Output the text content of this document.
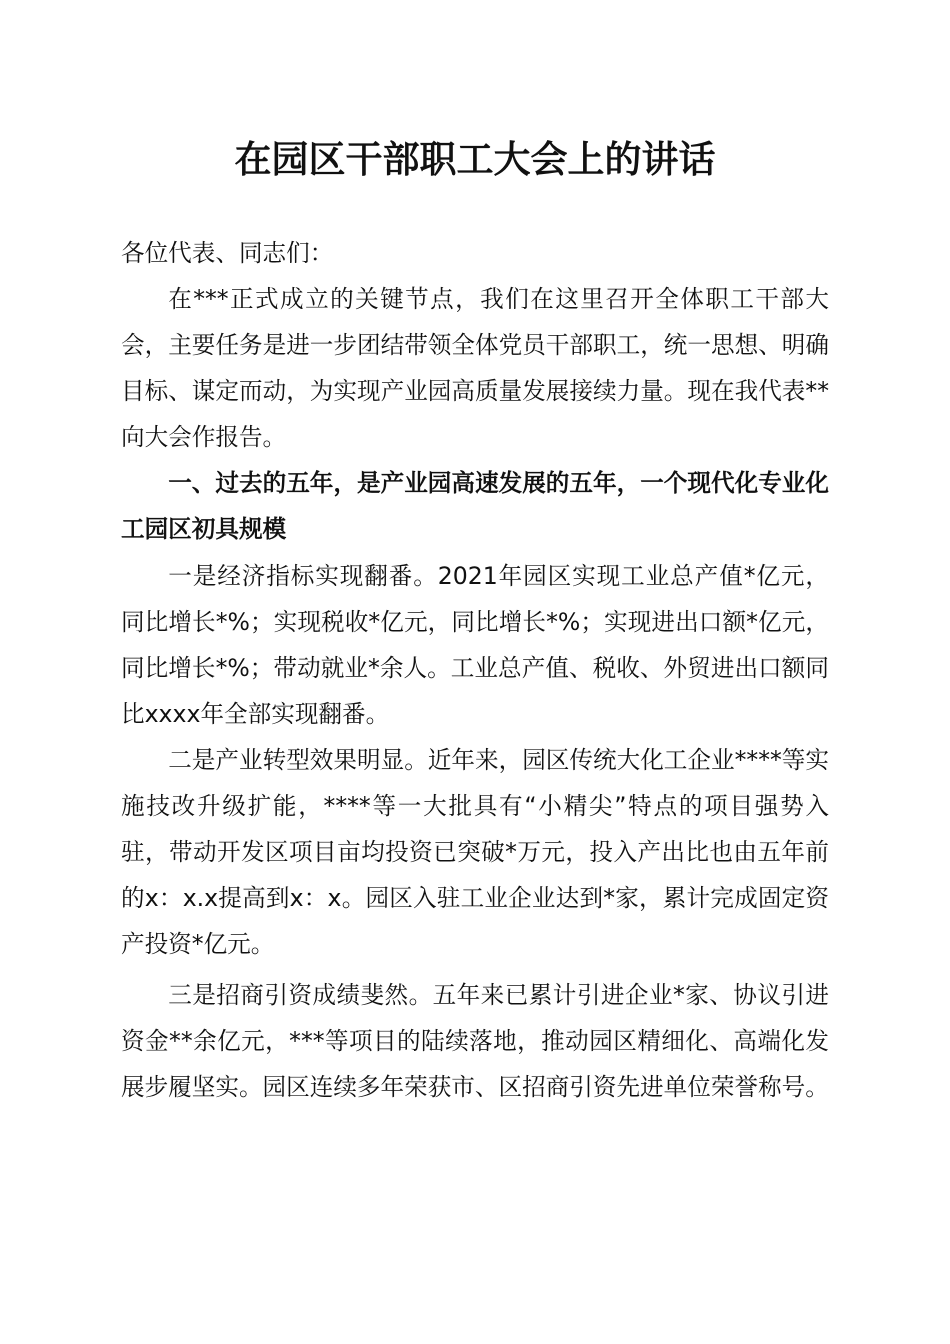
在园区干部职工大会上的讲话

各位代表、同志们：

在***正式成立的关键节点，我们在这里召开全体职工干部大会，主要任务是进一步团结带领全体党员干部职工，统一思想、明确目标、谋定而动，为实现产业园高质量发展接续力量。现在我代表**向大会作报告。

一、过去的五年，是产业园高速发展的五年，一个现代化专业化工园区初具规模

一是经济指标实现翻番。2021年园区实现工业总产值*亿元，同比增长*%；实现税收*亿元，同比增长*%；实现进出口额*亿元，同比增长*%；带动就业*余人。工业总产值、税收、外贸进出口额同比xxxx年全部实现翻番。

二是产业转型效果明显。近年来，园区传统大化工企业****等实施技改升级扩能，****等一大批具有“小精尖”特点的项目强势入驻，带动开发区项目亩均投资已突破*万元，投入产出比也由五年前的x：x.x提高到x：x。园区入驻工业企业达到*家，累计完成固定资产投资*亿元。

三是招商引资成绩斐然。五年来已累计引进企业*家、协议引进资金**余亿元，***等项目的陆续落地，推动园区精细化、高端化发展步履坚实。园区连续多年荣获市、区招商引资先进单位荣誉称号。
